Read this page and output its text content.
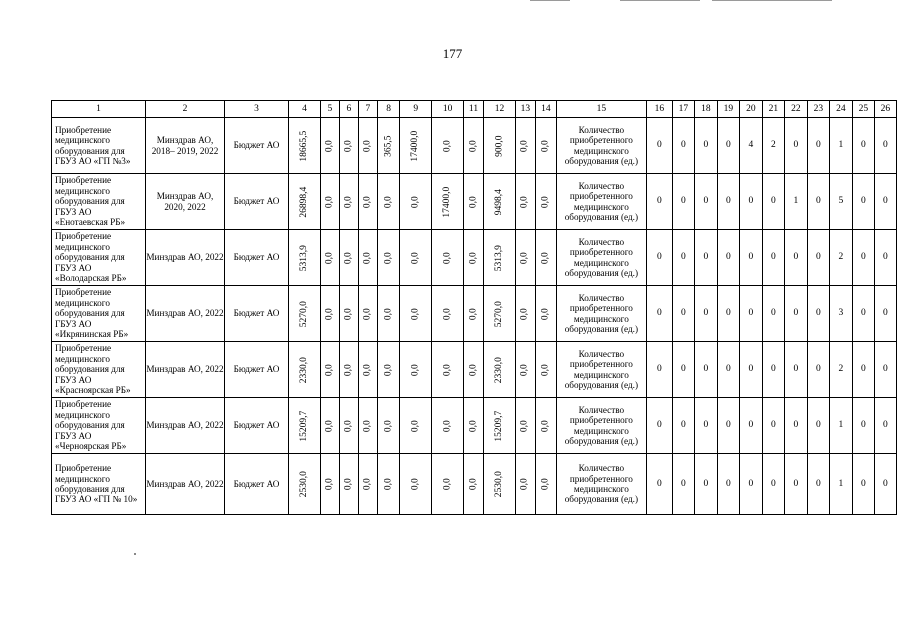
177
1	2	3	4	5	6	7	8	9	10	11	12	13	14	15	16	17	18	19	20	21	22	23	24	25	26
Приобретение медицинского оборудования для ГБУЗ АО «ГП №3»	Минздрав АО, 2018– 2019, 2022	Бюджет АО	18665,5	0,0	0,0	0,0	365,5	17400,0	0,0	0,0	900,0	0,0	0,0	Количество приобретенного медицинского оборудования (ед.)	0	0	0	0	4	2	0	0	1	0	0
Приобретение медицинского оборудования для ГБУЗ АО «Енотаевская РБ»	Минздрав АО, 2020, 2022	Бюджет АО	26898,4	0,0	0,0	0,0	0,0	0,0	17400,0	0,0	9498,4	0,0	0,0	Количество приобретенного медицинского оборудования (ед.)	0	0	0	0	0	0	1	0	5	0	0
Приобретение медицинского оборудования для ГБУЗ АО «Володарская РБ»	Минздрав АО, 2022	Бюджет АО	5313,9	0,0	0,0	0,0	0,0	0,0	0,0	0,0	5313,9	0,0	0,0	Количество приобретенного медицинского оборудования (ед.)	0	0	0	0	0	0	0	0	2	0	0
Приобретение медицинского оборудования для ГБУЗ АО «Икрянинская РБ»	Минздрав АО, 2022	Бюджет АО	5270,0	0,0	0,0	0,0	0,0	0,0	0,0	0,0	5270,0	0,0	0,0	Количество приобретенного медицинского оборудования (ед.)	0	0	0	0	0	0	0	0	3	0	0
Приобретение медицинского оборудования для ГБУЗ АО «Красноярская РБ»	Минздрав АО, 2022	Бюджет АО	2330,0	0,0	0,0	0,0	0,0	0,0	0,0	0,0	2330,0	0,0	0,0	Количество приобретенного медицинского оборудования (ед.)	0	0	0	0	0	0	0	0	2	0	0
Приобретение медицинского оборудования для ГБУЗ АО «Черноярская РБ»	Минздрав АО, 2022	Бюджет АО	15209,7	0,0	0,0	0,0	0,0	0,0	0,0	0,0	15209,7	0,0	0,0	Количество приобретенного медицинского оборудования (ед.)	0	0	0	0	0	0	0	0	1	0	0
Приобретение медицинского оборудования для ГБУЗ АО «ГП № 10»	Минздрав АО, 2022	Бюджет АО	2530,0	0,0	0,0	0,0	0,0	0,0	0,0	0,0	2530,0	0,0	0,0	Количество приобретенного медицинского оборудования (ед.)	0	0	0	0	0	0	0	0	1	0	0
